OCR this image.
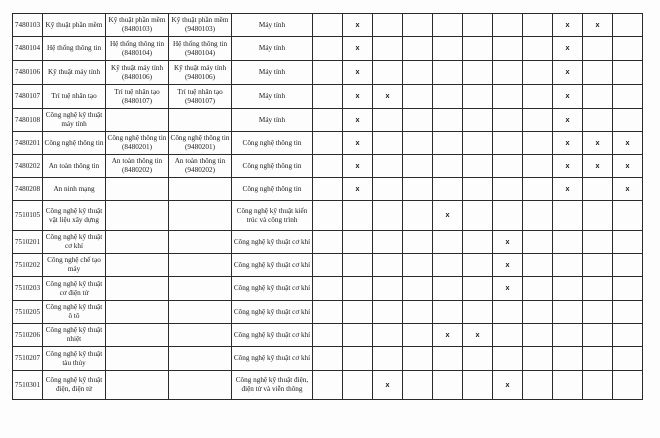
7480103	Kỹ thuật phần mềm	Kỹ thuật phần mềm (8480103)	Kỹ thuật phần mềm (9480103)	Máy tính		x							x	x	
7480104	Hệ thống thông tin	Hệ thống thông tin (8480104)	Hệ thống thông tin (9480104)	Máy tính		x							x		
7480106	Kỹ thuật máy tính	Kỹ thuật máy tính (8480106)	Kỹ thuật máy tính (9480106)	Máy tính		x							x		
7480107	Trí tuệ nhân tạo	Trí tuệ nhân tạo (8480107)	Trí tuệ nhân tạo (9480107)	Máy tính		x	x						x		
7480108	Công nghệ kỹ thuật máy tính			Máy tính		x							x		
7480201	Công nghệ thông tin	Công nghệ thông tin (8480201)	Công nghệ thông tin (9480201)	Công nghệ thông tin		x							x	x	x
7480202	An toàn thông tin	An toàn thông tin (8480202)	An toàn thông tin (9480202)	Công nghệ thông tin		x							x	x	x
7480208	An ninh mạng			Công nghệ thông tin		x							x		x
7510105	Công nghệ kỹ thuật vật liệu xây dựng			Công nghệ kỹ thuật kiến trúc và công trình					x						
7510201	Công nghệ kỹ thuật cơ khí			Công nghệ kỹ thuật cơ khí							x				
7510202	Công nghệ chế tạo máy			Công nghệ kỹ thuật cơ khí							x				
7510203	Công nghệ kỹ thuật cơ điện tử			Công nghệ kỹ thuật cơ khí							x				
7510205	Công nghệ kỹ thuật ô tô			Công nghệ kỹ thuật cơ khí											
7510206	Công nghệ kỹ thuật nhiệt			Công nghệ kỹ thuật cơ khí					x	x					
7510207	Công nghệ kỹ thuật tàu thủy			Công nghệ kỹ thuật cơ khí											
7510301	Công nghệ kỹ thuật điện, điện tử			Công nghệ kỹ thuật điện, điện tử và viễn thông			x				x				
